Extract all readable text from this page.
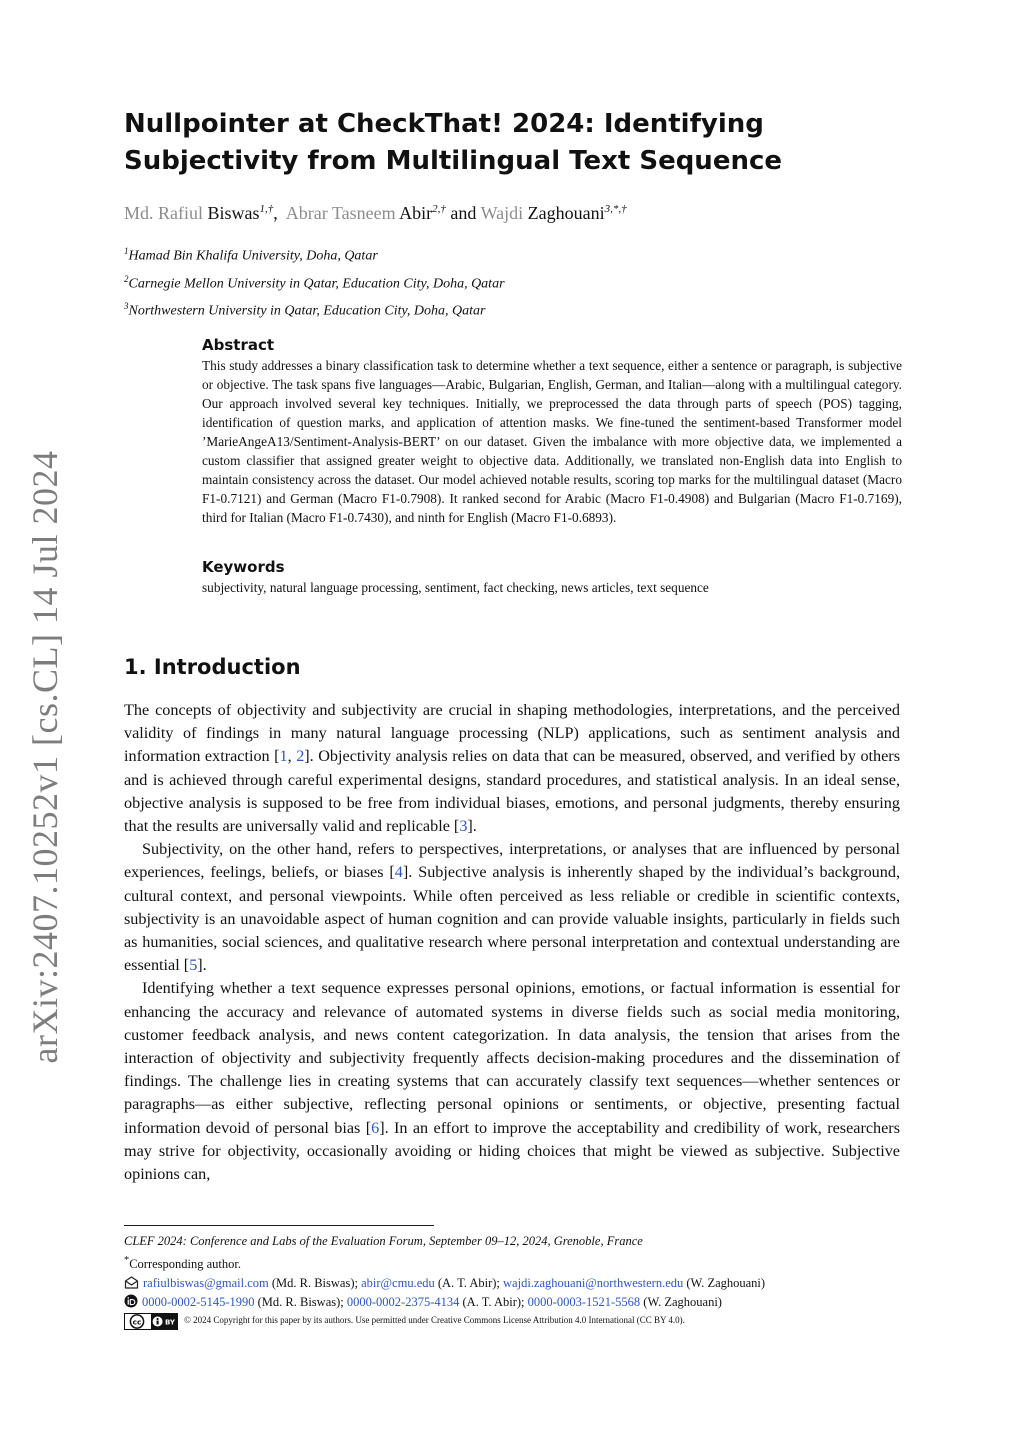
arXiv:2407.10252v1 [cs.CL] 14 Jul 2024
Nullpointer at CheckThat! 2024: Identifying Subjectivity from Multilingual Text Sequence
Md. Rafiul Biswas$^{1,\dagger}$, Abrar Tasneem Abir$^{2,\dagger}$ and Wajdi Zaghouani$^{3,*,\dagger}$
$^1$Hamad Bin Khalifa University, Doha, Qatar
$^2$Carnegie Mellon University in Qatar, Education City, Doha, Qatar
$^3$Northwestern University in Qatar, Education City, Doha, Qatar
Abstract

This study addresses a binary classification task to determine whether a text sequence, either a sentence or paragraph, is subjective or objective. The task spans five languages—Arabic, Bulgarian, English, German, and Italian—along with a multilingual category. Our approach involved several key techniques. Initially, we preprocessed the data through parts of speech (POS) tagging, identification of question marks, and application of attention masks. We fine-tuned the sentiment-based Transformer model ’MarieAngeA13/Sentiment-Analysis-BERT’ on our dataset. Given the imbalance with more objective data, we implemented a custom classifier that assigned greater weight to objective data. Additionally, we translated non-English data into English to maintain consistency across the dataset. Our model achieved notable results, scoring top marks for the multilingual dataset (Macro F1-0.7121) and German (Macro F1-0.7908). It ranked second for Arabic (Macro F1-0.4908) and Bulgarian (Macro F1-0.7169), third for Italian (Macro F1-0.7430), and ninth for English (Macro F1-0.6893).

Keywords

subjectivity, natural language processing, sentiment, fact checking, news articles, text sequence

1. Introduction

The concepts of objectivity and subjectivity are crucial in shaping methodologies, interpretations, and the perceived validity of findings in many natural language processing (NLP) applications, such as sentiment analysis and information extraction [1, 2]. Objectivity analysis relies on data that can be measured, observed, and verified by others and is achieved through careful experimental designs, standard procedures, and statistical analysis. In an ideal sense, objective analysis is supposed to be free from individual biases, emotions, and personal judgments, thereby ensuring that the results are universally valid and replicable [3].

Subjectivity, on the other hand, refers to perspectives, interpretations, or analyses that are influenced by personal experiences, feelings, beliefs, or biases [4]. Subjective analysis is inherently shaped by the individual’s background, cultural context, and personal viewpoints. While often perceived as less reliable or credible in scientific contexts, subjectivity is an unavoidable aspect of human cognition and can provide valuable insights, particularly in fields such as humanities, social sciences, and qualitative research where personal interpretation and contextual understanding are essential [5].

Identifying whether a text sequence expresses personal opinions, emotions, or factual information is essential for enhancing the accuracy and relevance of automated systems in diverse fields such as social media monitoring, customer feedback analysis, and news content categorization. In data analysis, the tension that arises from the interaction of objectivity and subjectivity frequently affects decision-making procedures and the dissemination of findings. The challenge lies in creating systems that can accurately classify text sequences—whether sentences or paragraphs—as either subjective, reflecting personal opinions or sentiments, or objective, presenting factual information devoid of personal bias [6]. In an effort to improve the acceptability and credibility of work, researchers may strive for objectivity, occasionally avoiding or hiding choices that might be viewed as subjective. Subjective opinions can,

CLEF 2024: Conference and Labs of the Evaluation Forum, September 09–12, 2024, Grenoble, France
*Corresponding author.
rafiulbiswas@gmail.com (Md. R. Biswas); abir@cmu.edu (A. T. Abir); wajdi.zaghouani@northwestern.edu (W. Zaghouani)
0000-0002-5145-1990 (Md. R. Biswas); 0000-0002-2375-4134 (A. T. Abir); 0000-0003-1521-5568 (W. Zaghouani)
cc	BY © 2024 Copyright for this paper by its authors. Use permitted under Creative Commons License Attribution 4.0 International (CC BY 4.0).
